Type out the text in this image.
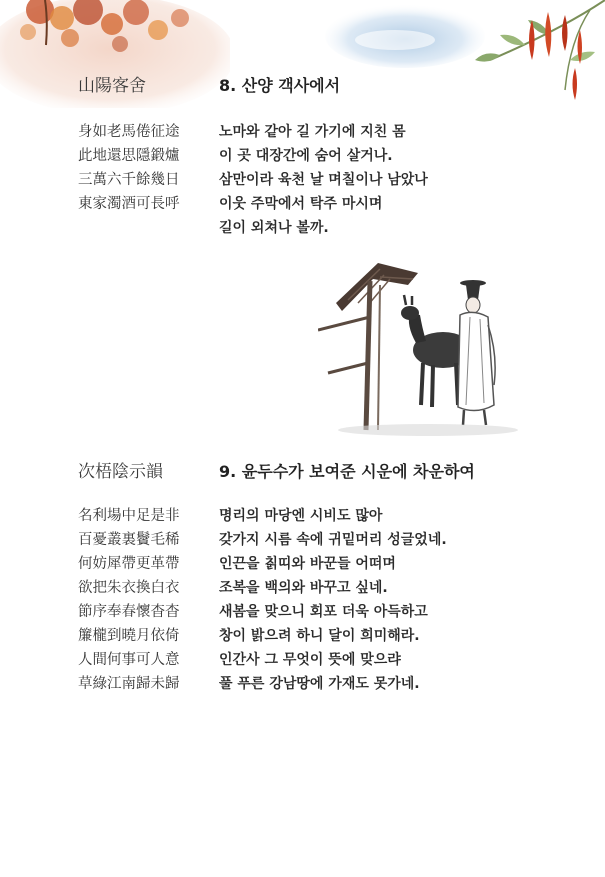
山陽客舍	8. 산양 객사에서
身如老馬倦征途
此地還思隱鍛爐
三萬六千餘幾日
東家濁酒可長呼
노마와 같아 길 가기에 지친 몸
이 곳 대장간에 숨어 살거나.
삼만이라 육천 날 며칠이나 남았나
이웃 주막에서 탁주 마시며
길이 외쳐나 볼까.
次梧陰示韻	9. 윤두수가 보여준 시운에 차운하여
名利場中足是非
百憂叢裏鬢毛稀
何妨犀帶更革帶
欲把朱衣換白衣
節序奉春懷杳杳
簾櫳到曉月依倚
人間何事可人意
草綠江南歸未歸
명리의 마당엔 시비도 많아
갖가지 시름 속에 귀밑머리 성글었네.
인끈을 칡띠와 바꾼들 어떠며
조복을 백의와 바꾸고 싶네.
새봄을 맞으니 회포 더욱 아득하고
창이 밝으려 하니 달이 희미해라.
인간사 그 무엇이 뜻에 맞으랴
풀 푸른 강남땅에 가재도 못가네.
